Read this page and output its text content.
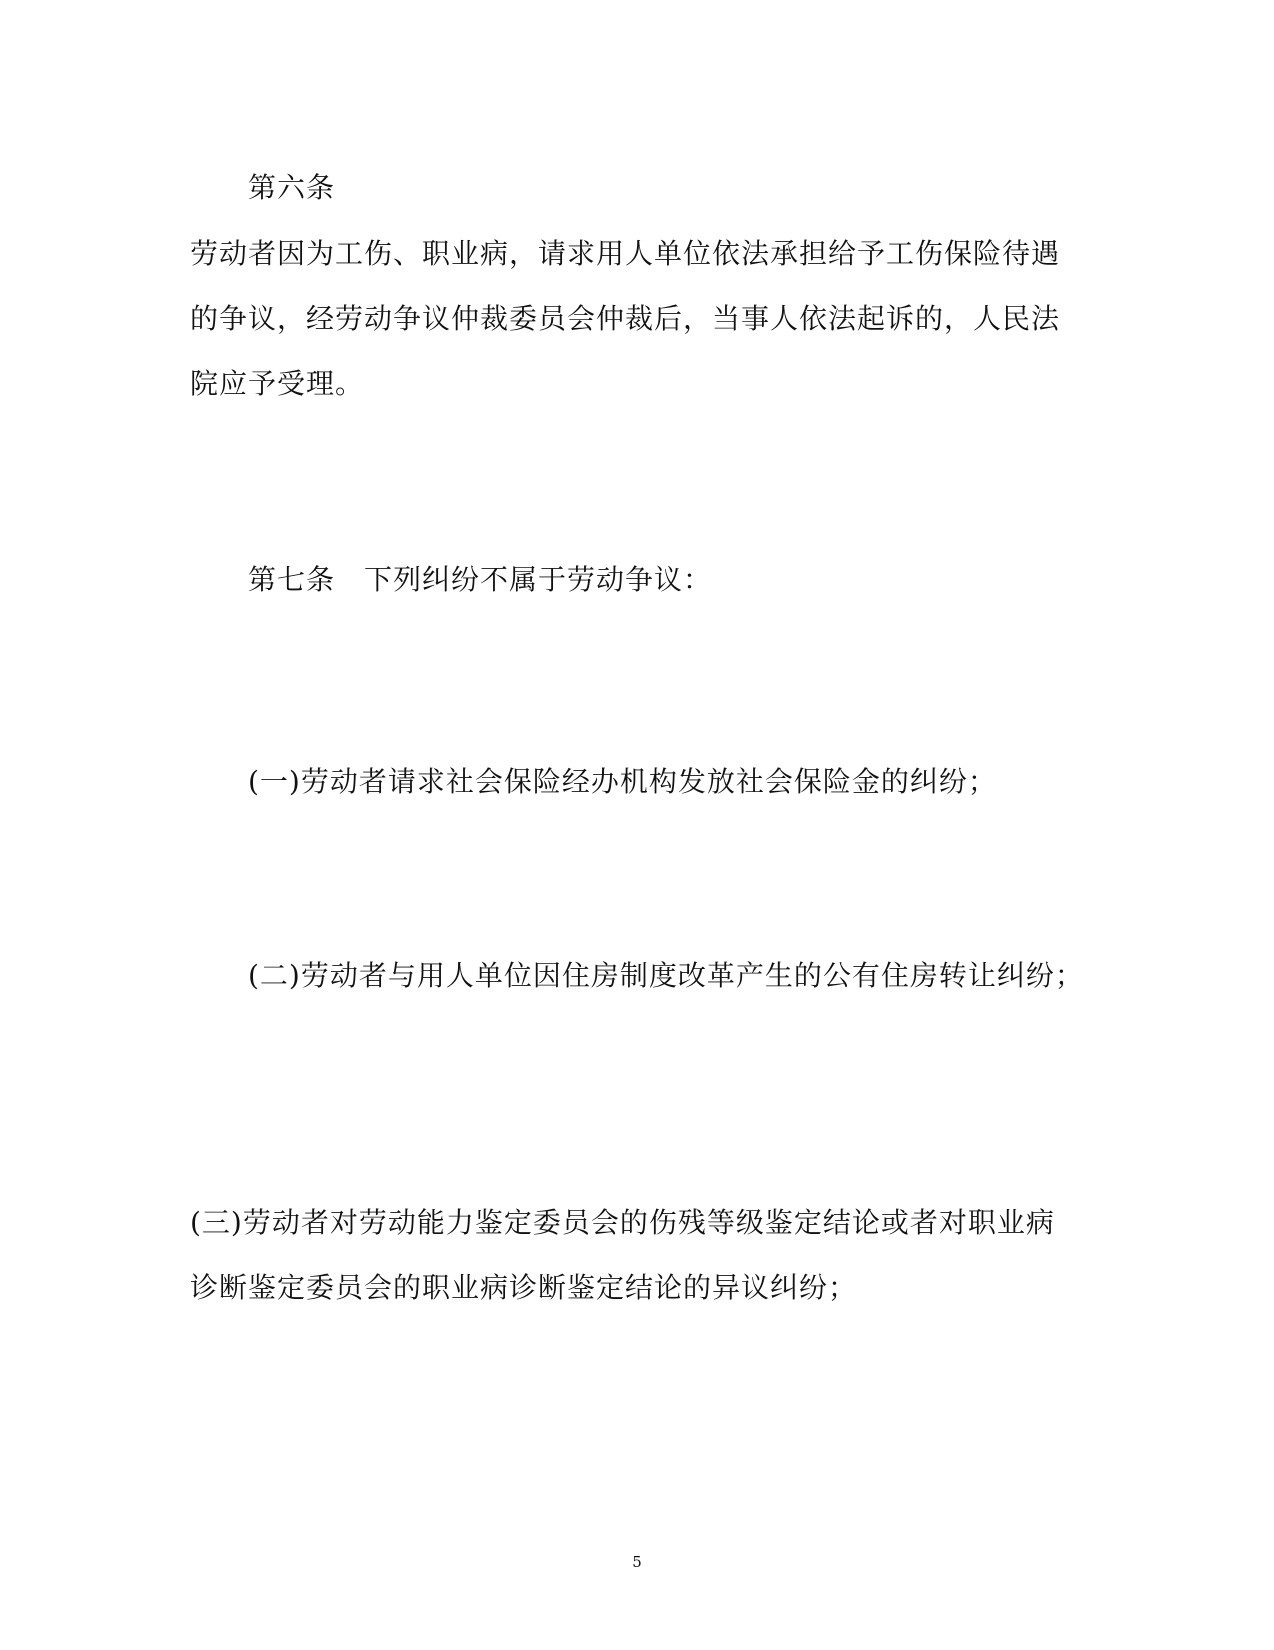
第六条

劳动者因为工伤、职业病，请求用人单位依法承担给予工伤保险待遇

的争议，经劳动争议仲裁委员会仲裁后，当事人依法起诉的，人民法

院应予受理。

第七条　下列纠纷不属于劳动争议：

(一)劳动者请求社会保险经办机构发放社会保险金的纠纷；

(二)劳动者与用人单位因住房制度改革产生的公有住房转让纠纷；

(三)劳动者对劳动能力鉴定委员会的伤残等级鉴定结论或者对职业病

诊断鉴定委员会的职业病诊断鉴定结论的异议纠纷；

5
